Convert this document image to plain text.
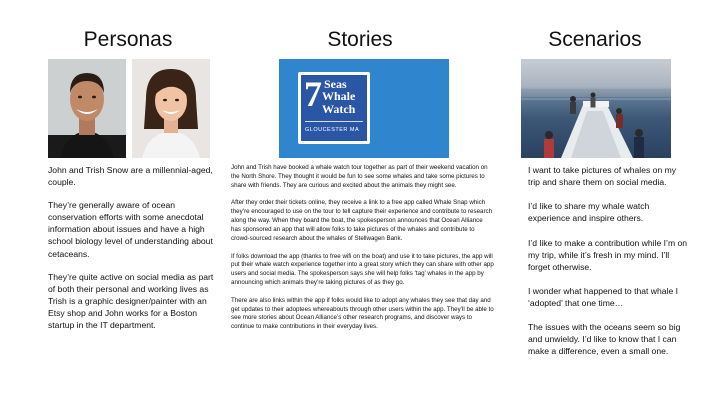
Personas	Stories	Scenarios
7 Seas
Whale
Watch
GLOUCESTER MA

John and Trish Snow are a millennial-aged, couple.

They’re generally aware of ocean conservation efforts with some anecdotal information about issues and have a high school biology level of understanding about cetaceans.

They’re quite active on social media as part of both their personal and working lives as Trish is a graphic designer/painter with an Etsy shop and John works for a Boston startup in the IT department.

John and Trish have booked a whale watch tour together as part of their weekend vacation on the North Shore. They thought it would be fun to see some whales and take some pictures to share with friends. They are curious and excited about the animals they might see.

After they order their tickets online, they receive a link to a free app called Whale Snap which they’re encouraged to use on the tour to tell capture their experience and contribute to research along the way. When they board the boat, the spokesperson announces that Ocean Alliance has sponsored an app that will allow folks to take pictures of the whales and contribute to crowd-sourced research about the whales of Stellwagen Bank.

If folks download the app (thanks to free wifi on the boat) and use it to take pictures, the app will put their whale watch experience together into a great story which they can share with other app users and social media. The spokesperson says she will help folks ‘tag’ whales in the app by announcing which animals they’re taking pictures of as they go.

There are also links within the app if folks would like to adopt any whales they see that day and get updates to their adoptees whereabouts through other users within the app. They’ll be able to see more stories about Ocean Alliance’s other research programs, and discover ways to continue to make contributions in their everyday lives.

I want to take pictures of whales on my trip and share them on social media.

I’d like to share my whale watch experience and inspire others.

I’d like to make a contribution while I’m on my trip, while it’s fresh in my mind. I’ll forget otherwise.

I wonder what happened to that whale I ‘adopted’ that one time…

The issues with the oceans seem so big and unwieldy. I’d like to know that I can make a difference, even a small one.
